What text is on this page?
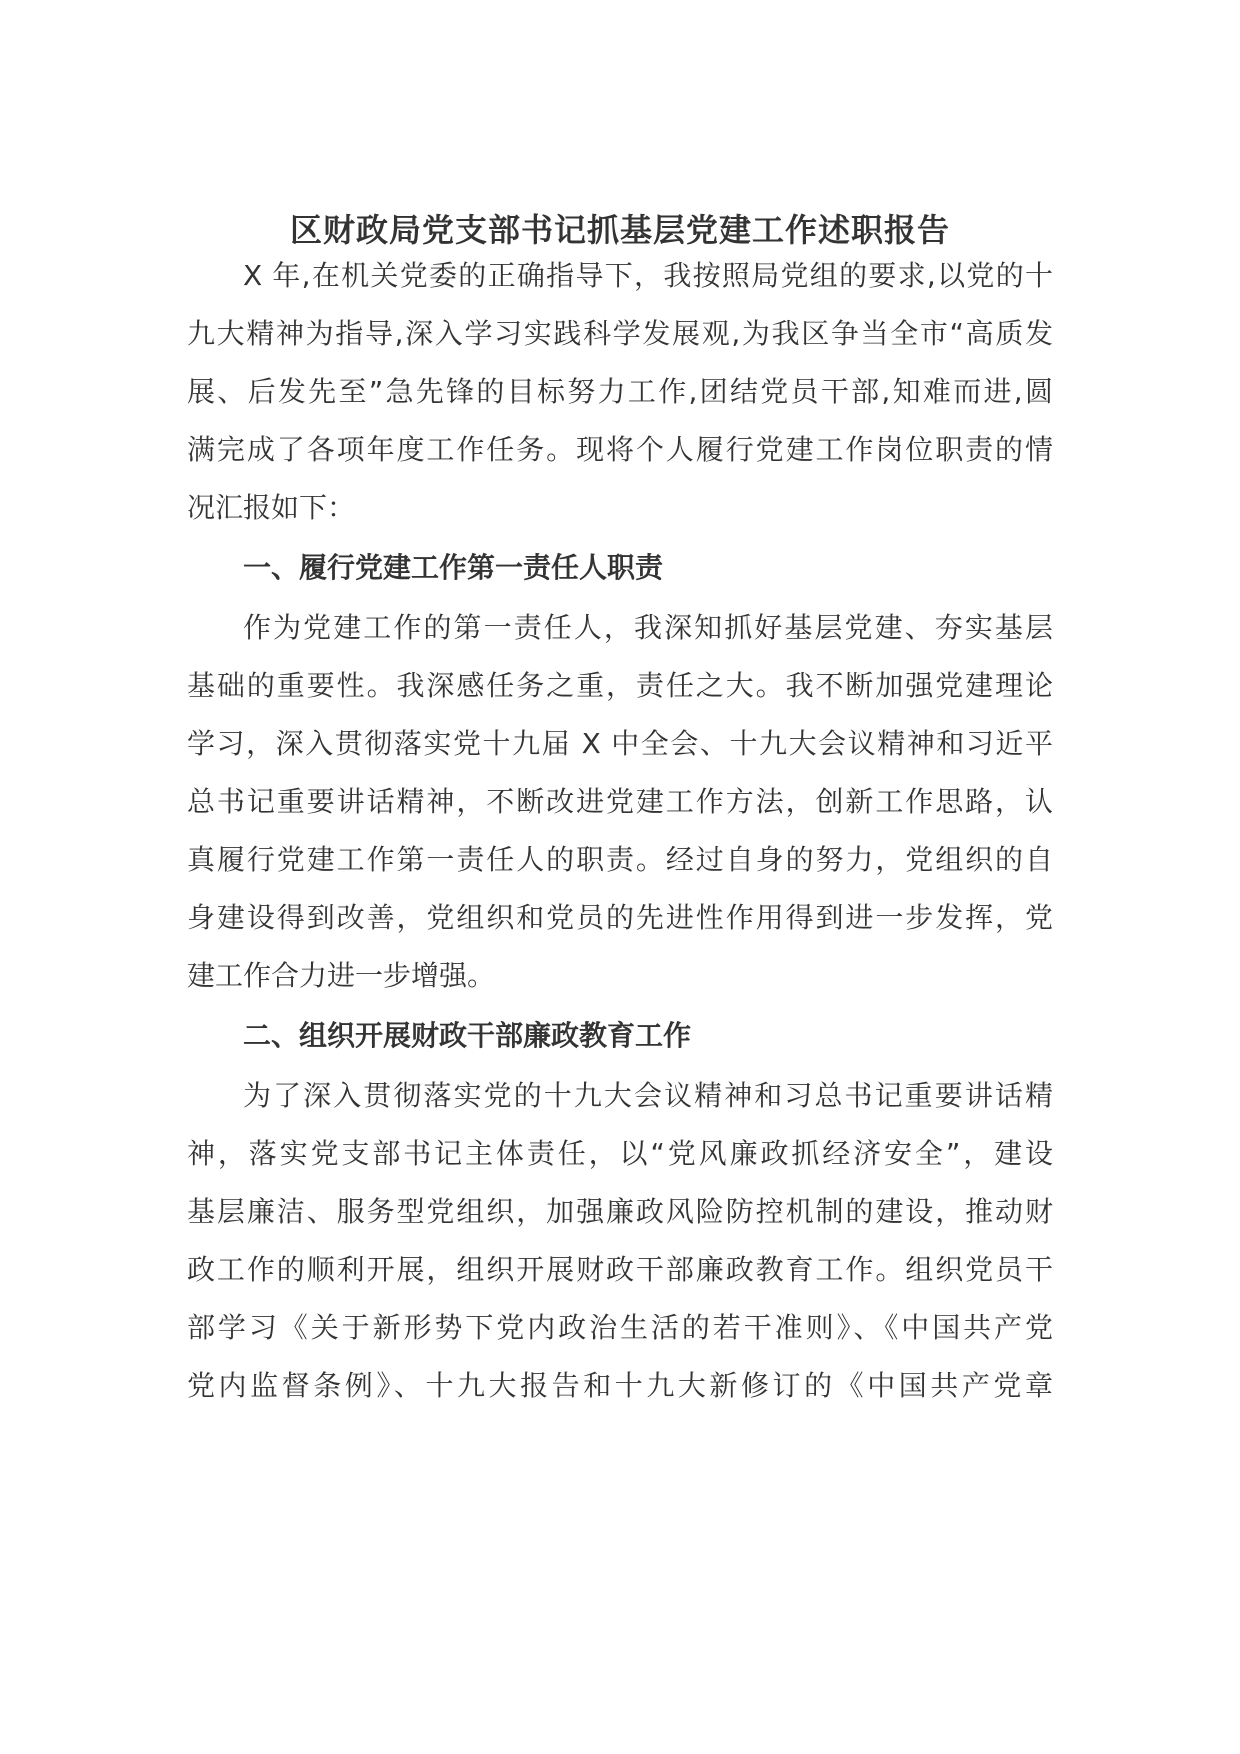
区财政局党支部书记抓基层党建工作述职报告
X 年,在机关党委的正确指导下，我按照局党组的要求,以党的十
九大精神为指导,深入学习实践科学发展观,为我区争当全市“高质发
展、后发先至”急先锋的目标努力工作,团结党员干部,知难而进,圆
满完成了各项年度工作任务。现将个人履行党建工作岗位职责的情
况汇报如下：
一、履行党建工作第一责任人职责
作为党建工作的第一责任人，我深知抓好基层党建、夯实基层
基础的重要性。我深感任务之重，责任之大。我不断加强党建理论
学习，深入贯彻落实党十九届 X 中全会、十九大会议精神和习近平
总书记重要讲话精神，不断改进党建工作方法，创新工作思路，认
真履行党建工作第一责任人的职责。经过自身的努力，党组织的自
身建设得到改善，党组织和党员的先进性作用得到进一步发挥，党
建工作合力进一步增强。
二、组织开展财政干部廉政教育工作
为了深入贯彻落实党的十九大会议精神和习总书记重要讲话精
神，落实党支部书记主体责任，以“党风廉政抓经济安全”，建设
基层廉洁、服务型党组织，加强廉政风险防控机制的建设，推动财
政工作的顺利开展，组织开展财政干部廉政教育工作。组织党员干
部学习《关于新形势下党内政治生活的若干准则》、《中国共产党
党内监督条例》、十九大报告和十九大新修订的《中国共产党章
